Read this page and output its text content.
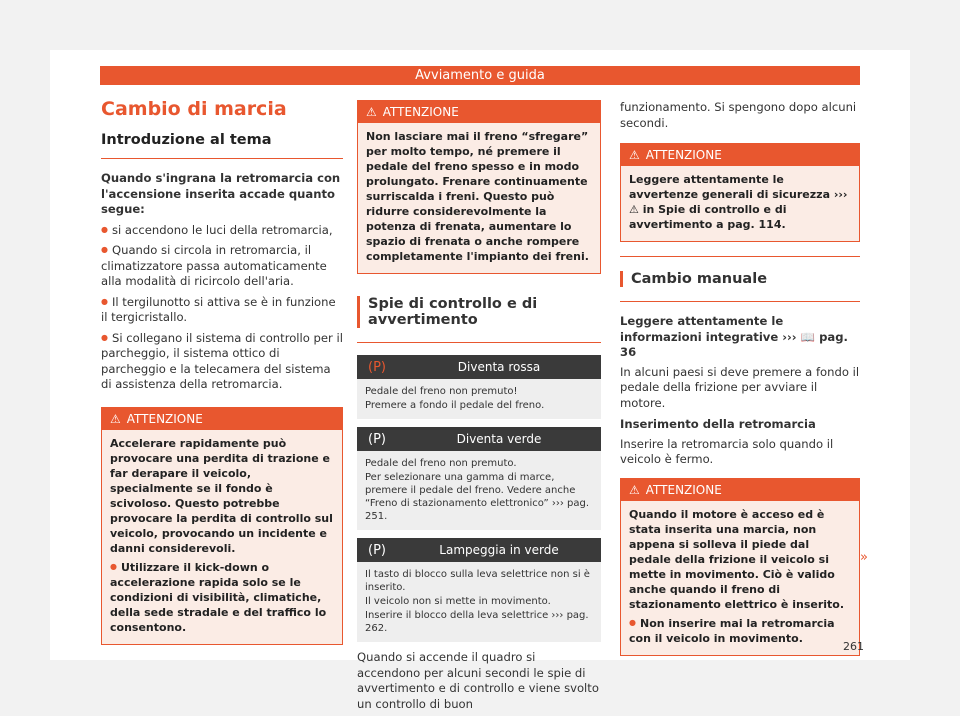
Avviamento e guida
Cambio di marcia
Introduzione al tema

Quando s'ingrana la retromarcia con l'accensione inserita accade quanto segue:

● si accendono le luci della retromarcia,

● Quando si circola in retromarcia, il climatizzatore passa automaticamente alla modalità di ricircolo dell'aria.

● Il tergilunotto si attiva se è in funzione il tergicristallo.

● Si collegano il sistema di controllo per il parcheggio, il sistema ottico di parcheggio e la telecamera del sistema di assistenza della retromarcia.

⚠ ATTENZIONE

Accelerare rapidamente può provocare una perdita di trazione e far derapare il veicolo, specialmente se il fondo è scivoloso. Questo potrebbe provocare la perdita di controllo sul veicolo, provocando un incidente e danni considerevoli.

● Utilizzare il kick-down o accelerazione rapida solo se le condizioni di visibilità, climatiche, della sede stradale e del traffico lo consentono.

⚠ ATTENZIONE

Non lasciare mai il freno “sfregare” per molto tempo, né premere il pedale del freno spesso e in modo prolungato. Frenare continuamente surriscalda i freni. Questo può ridurre considerevolmente la potenza di frenata, aumentare lo spazio di frenata o anche rompere completamente l'impianto dei freni.

Spie di controllo e di avvertimento
(P)	Diventa rossa
Pedale del freno non premuto!
Premere a fondo il pedale del freno.
(P)	Diventa verde
Pedale del freno non premuto.
Per selezionare una gamma di marce, premere il pedale del freno. Vedere anche “Freno di stazionamento elettronico” ››› pag. 251.
(P)	Lampeggia in verde
Il tasto di blocco sulla leva selettrice non si è inserito.
Il veicolo non si mette in movimento.
Inserire il blocco della leva selettrice ››› pag. 262.

Quando si accende il quadro si accendono per alcuni secondi le spie di avvertimento e di controllo e viene svolto un controllo di buon

funzionamento. Si spengono dopo alcuni secondi.

⚠ ATTENZIONE

Leggere attentamente le avvertenze generali di sicurezza ››› ⚠ in Spie di controllo e di avvertimento a pag. 114.

Cambio manuale

Leggere attentamente le informazioni integrative ››› 📖 pag. 36

In alcuni paesi si deve premere a fondo il pedale della frizione per avviare il motore.

Inserimento della retromarcia

Inserire la retromarcia solo quando il veicolo è fermo.

⚠ ATTENZIONE

Quando il motore è acceso ed è stata inserita una marcia, non appena si solleva il piede dal pedale della frizione il veicolo si mette in movimento. Ciò è valido anche quando il freno di stazionamento elettrico è inserito.

● Non inserire mai la retromarcia con il veicolo in movimento.

»
261
